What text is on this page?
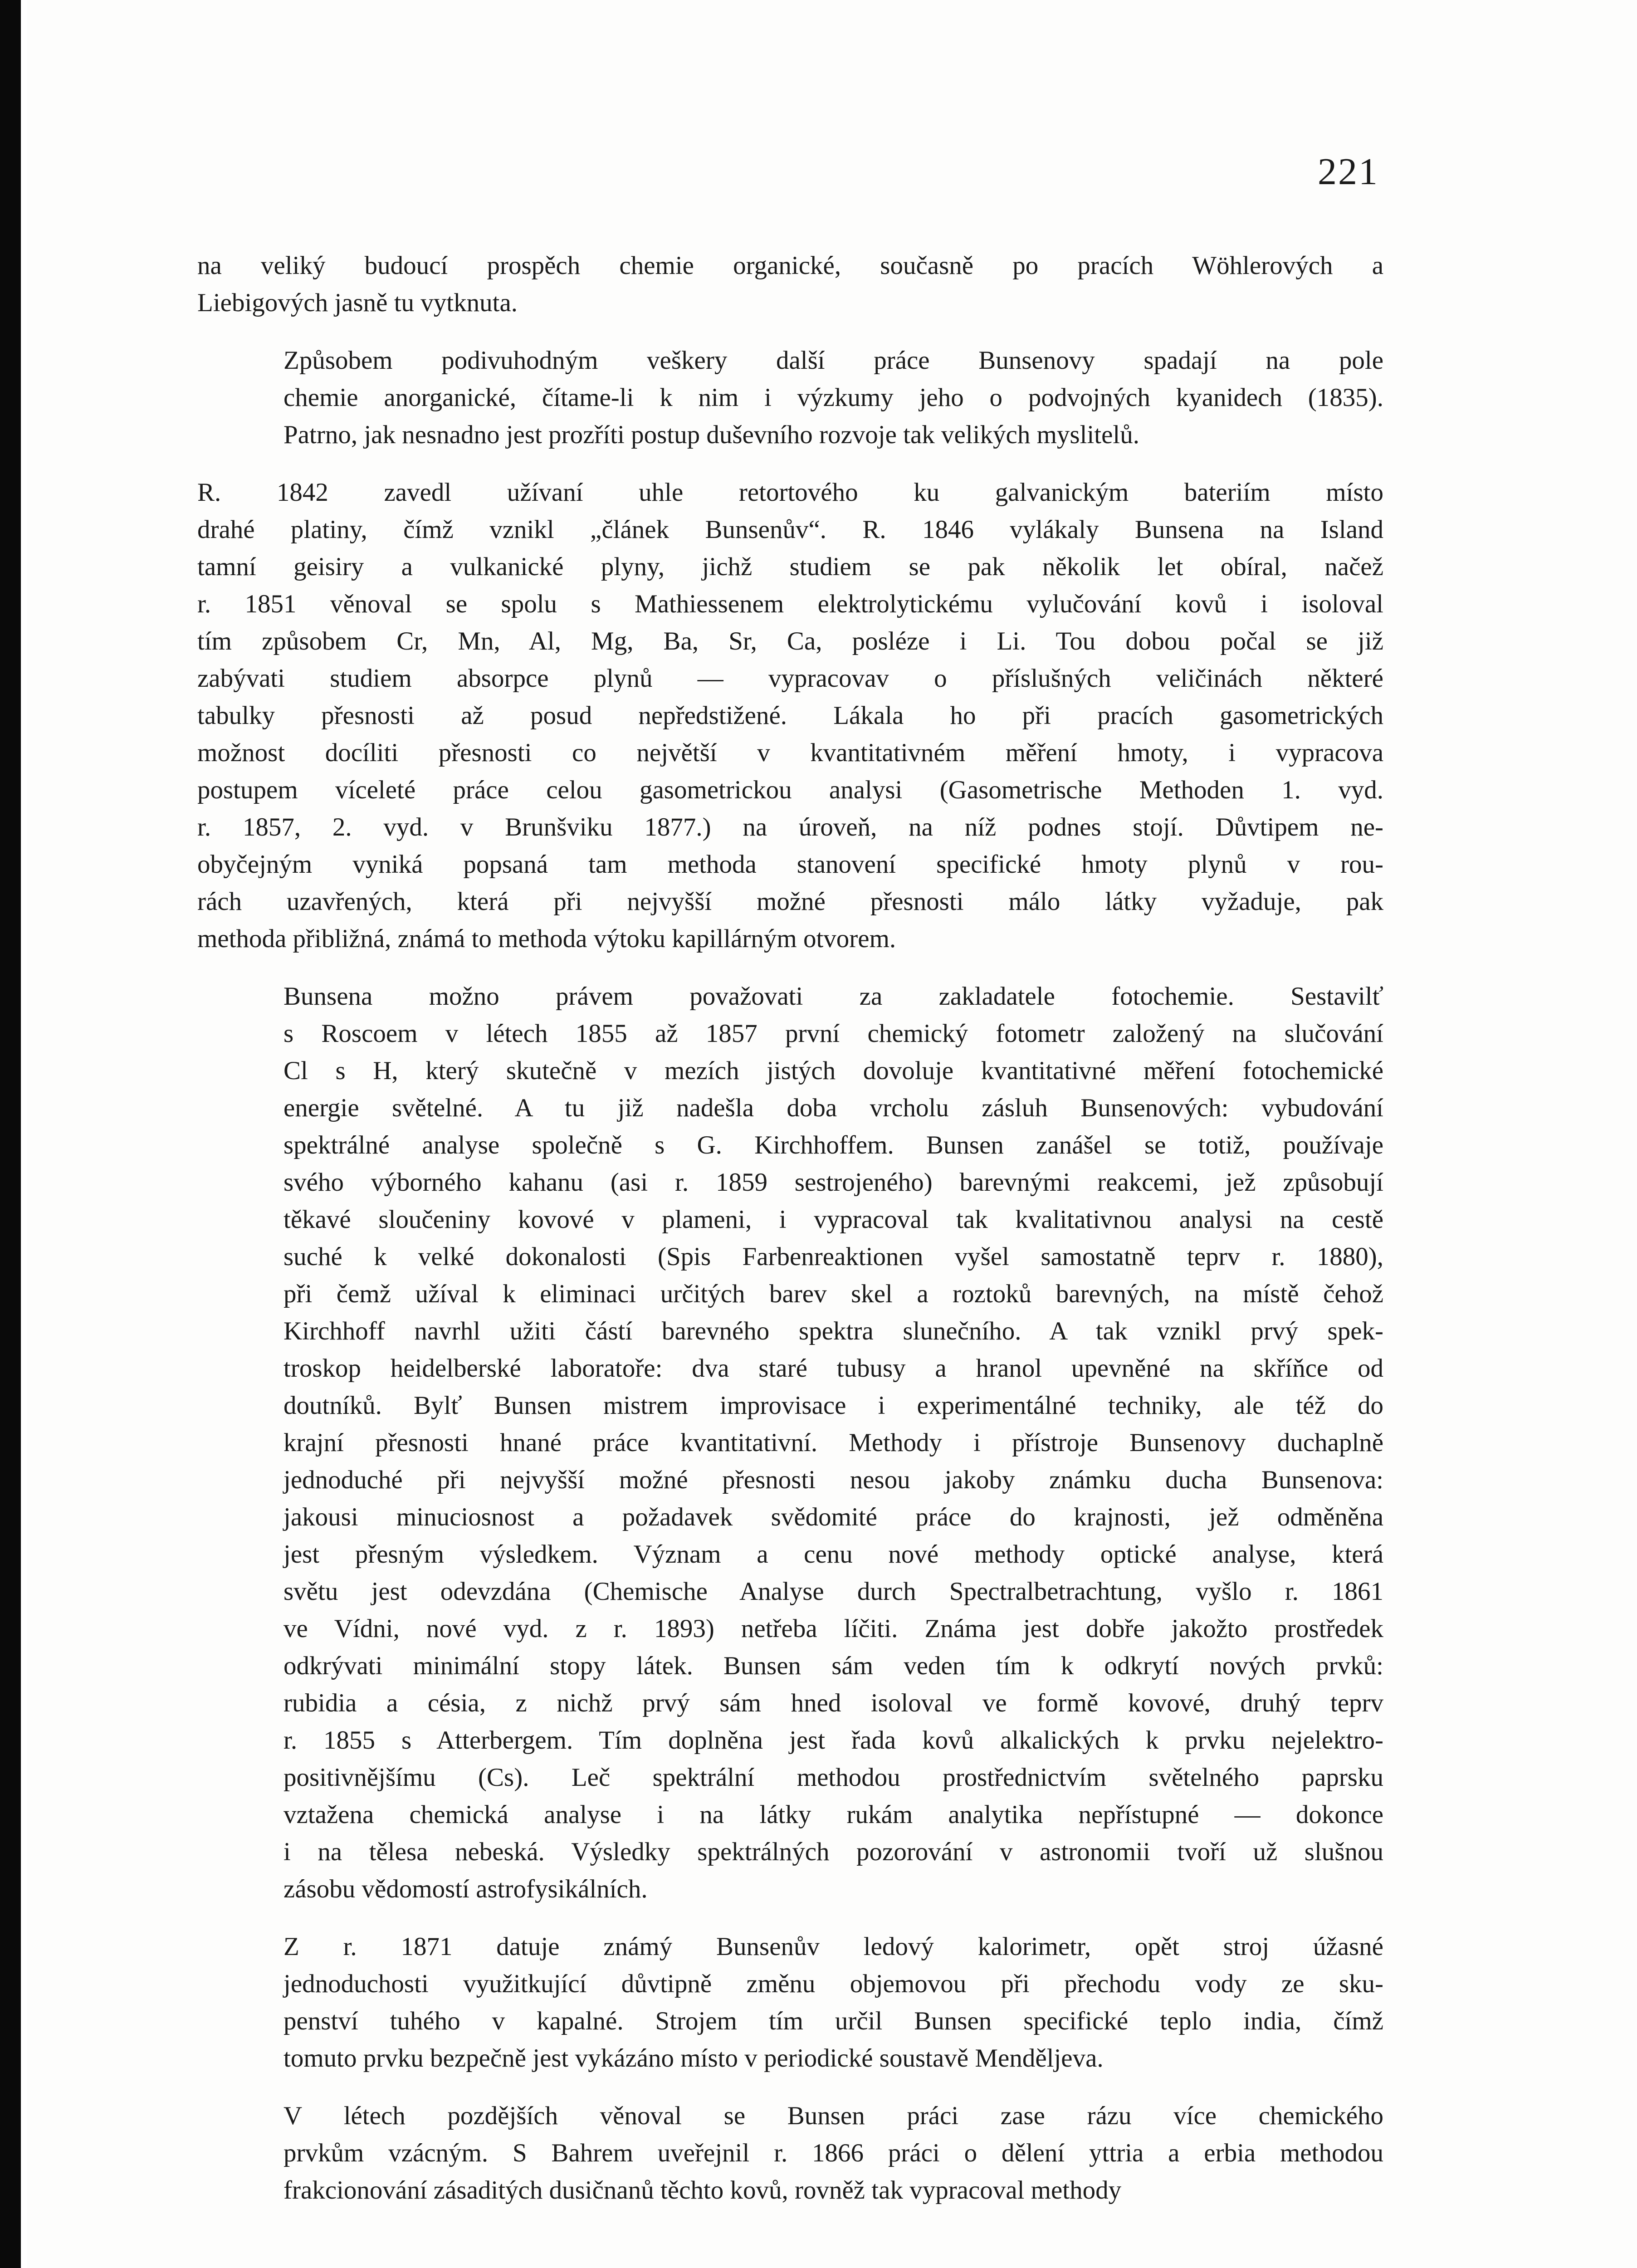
221
na veliký budoucí prospěch chemie organické, současně po pracích Wöhlerových a
Liebigových jasně tu vytknuta.
Způsobem podivuhodným veškery další práce Bunsenovy spadají na pole
chemie anorganické, čítame-li k nim i výzkumy jeho o podvojných kyanidech (1835).
Patrno, jak nesnadno jest prozříti postup duševního rozvoje tak velikých myslitelů.
R. 1842 zavedl užívaní uhle retortového ku galvanickým bateriím místo
drahé platiny, čímž vznikl „článek Bunsenův“. R. 1846 vylákaly Bunsena na Island
tamní geisiry a vulkanické plyny, jichž studiem se pak několik let obíral, načež
r. 1851 věnoval se spolu s Mathiessenem elektrolytickému vylučování kovů i isoloval
tím způsobem Cr, Mn, Al, Mg, Ba, Sr, Ca, posléze i Li. Tou dobou počal se již
zabývati studiem absorpce plynů — vypracovav o příslušných veličinách některé
tabulky přesnosti až posud nepředstižené. Lákala ho při pracích gasometrických
možnost docíliti přesnosti co největší v kvantitativném měření hmoty, i vypracova
postupem víceleté práce celou gasometrickou analysi (Gasometrische Methoden 1. vyd.
r. 1857, 2. vyd. v Brunšviku 1877.) na úroveň, na níž podnes stojí. Důvtipem ne-
obyčejným vyniká popsaná tam methoda stanovení specifické hmoty plynů v rou-
rách uzavřených, která při nejvyšší možné přesnosti málo látky vyžaduje, pak
methoda přibližná, známá to methoda výtoku kapillárným otvorem.
Bunsena možno právem považovati za zakladatele fotochemie. Sestavilť
s Roscoem v létech 1855 až 1857 první chemický fotometr založený na slučování
Cl s H, který skutečně v mezích jistých dovoluje kvantitativné měření fotochemické
energie světelné. A tu již nadešla doba vrcholu zásluh Bunsenových: vybudování
spektrálné analyse společně s G. Kirchhoffem. Bunsen zanášel se totiž, používaje
svého výborného kahanu (asi r. 1859 sestrojeného) barevnými reakcemi, jež způsobují
těkavé sloučeniny kovové v plameni, i vypracoval tak kvalitativnou analysi na cestě
suché k velké dokonalosti (Spis Farbenreaktionen vyšel samostatně teprv r. 1880),
při čemž užíval k eliminaci určitých barev skel a roztoků barevných, na místě čehož
Kirchhoff navrhl užiti částí barevného spektra slunečního. A tak vznikl prvý spek-
troskop heidelberské laboratoře: dva staré tubusy a hranol upevněné na skříňce od
doutníků. Bylť Bunsen mistrem improvisace i experimentálné techniky, ale též do
krajní přesnosti hnané práce kvantitativní. Methody i přístroje Bunsenovy duchaplně
jednoduché při nejvyšší možné přesnosti nesou jakoby známku ducha Bunsenova:
jakousi minuciosnost a požadavek svědomité práce do krajnosti, jež odměněna
jest přesným výsledkem. Význam a cenu nové methody optické analyse, která
světu jest odevzdána (Chemische Analyse durch Spectralbetrachtung, vyšlo r. 1861
ve Vídni, nové vyd. z r. 1893) netřeba líčiti. Známa jest dobře jakožto prostředek
odkrývati minimální stopy látek. Bunsen sám veden tím k odkrytí nových prvků:
rubidia a césia, z nichž prvý sám hned isoloval ve formě kovové, druhý teprv
r. 1855 s Atterbergem. Tím doplněna jest řada kovů alkalických k prvku nejelektro-
positivnějšímu (Cs). Leč spektrální methodou prostřednictvím světelného paprsku
vztažena chemická analyse i na látky rukám analytika nepřístupné — dokonce
i na tělesa nebeská. Výsledky spektrálných pozorování v astronomii tvoří už slušnou
zásobu vědomostí astrofysikálních.
Z r. 1871 datuje známý Bunsenův ledový kalorimetr, opět stroj úžasné
jednoduchosti využitkující důvtipně změnu objemovou při přechodu vody ze sku-
penství tuhého v kapalné. Strojem tím určil Bunsen specifické teplo india, čímž
tomuto prvku bezpečně jest vykázáno místo v periodické soustavě Menděljeva.
V létech pozdějších věnoval se Bunsen práci zase rázu více chemického
prvkům vzácným. S Bahrem uveřejnil r. 1866 práci o dělení yttria a erbia methodou
frakcionování zásaditých dusičnanů těchto kovů, rovněž tak vypracoval methody
